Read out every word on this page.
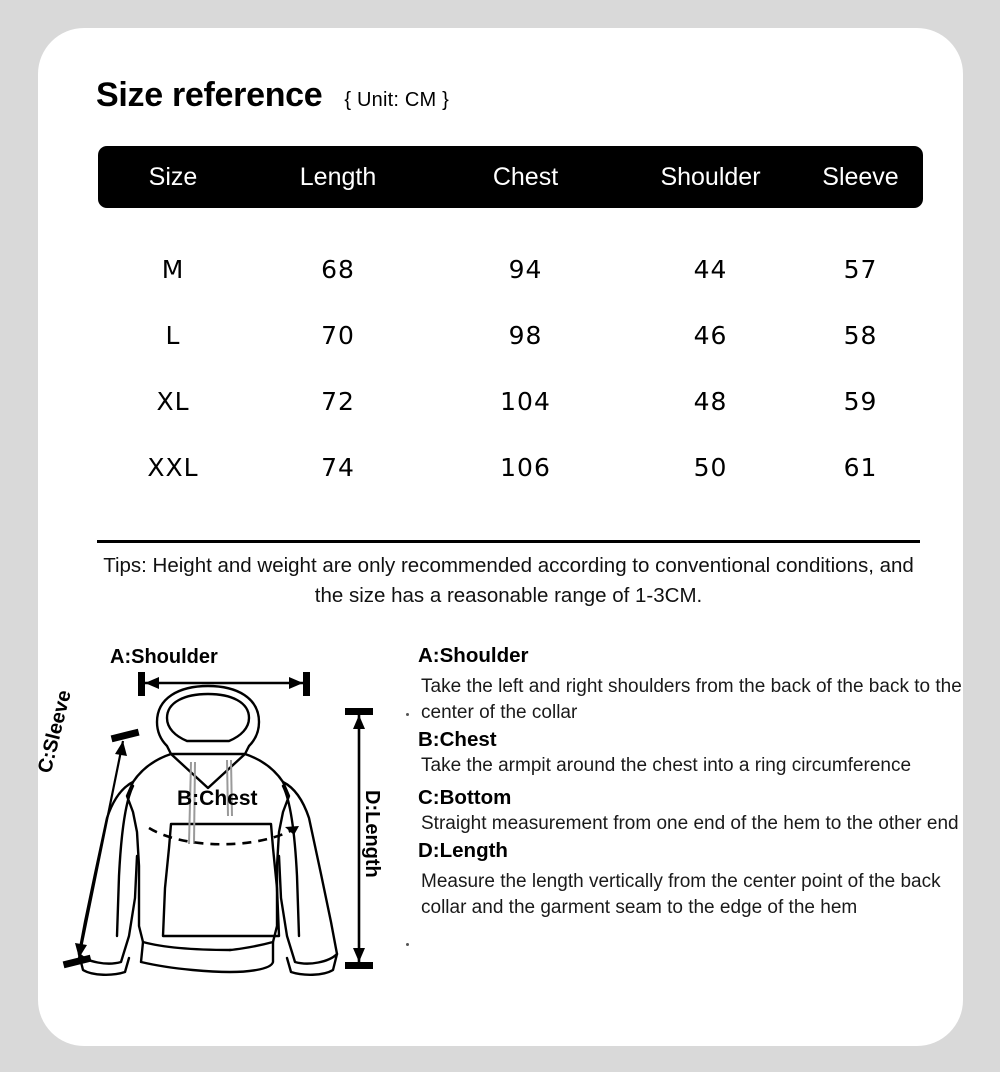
Size reference { Unit: CM }
Size	Length	Chest	Shoulder	Sleeve
M	68	94	44	57
L	70	98	46	58
XL	72	104	48	59
XXL	74	106	50	61
Tips: Height and weight are only recommended according to conventional conditions, and the size has a reasonable range of 1-3CM.
A:Shoulder
B:Chest
C:Sleeve
D:Length
A:Shoulder
Take the left and right shoulders from the back of the back to the center of the collar
B:Chest
Take the armpit around the chest into a ring circumference
C:Bottom
Straight measurement from one end of the hem to the other end
D:Length
Measure the length vertically from the center point of the back collar and the garment seam to the edge of the hem
